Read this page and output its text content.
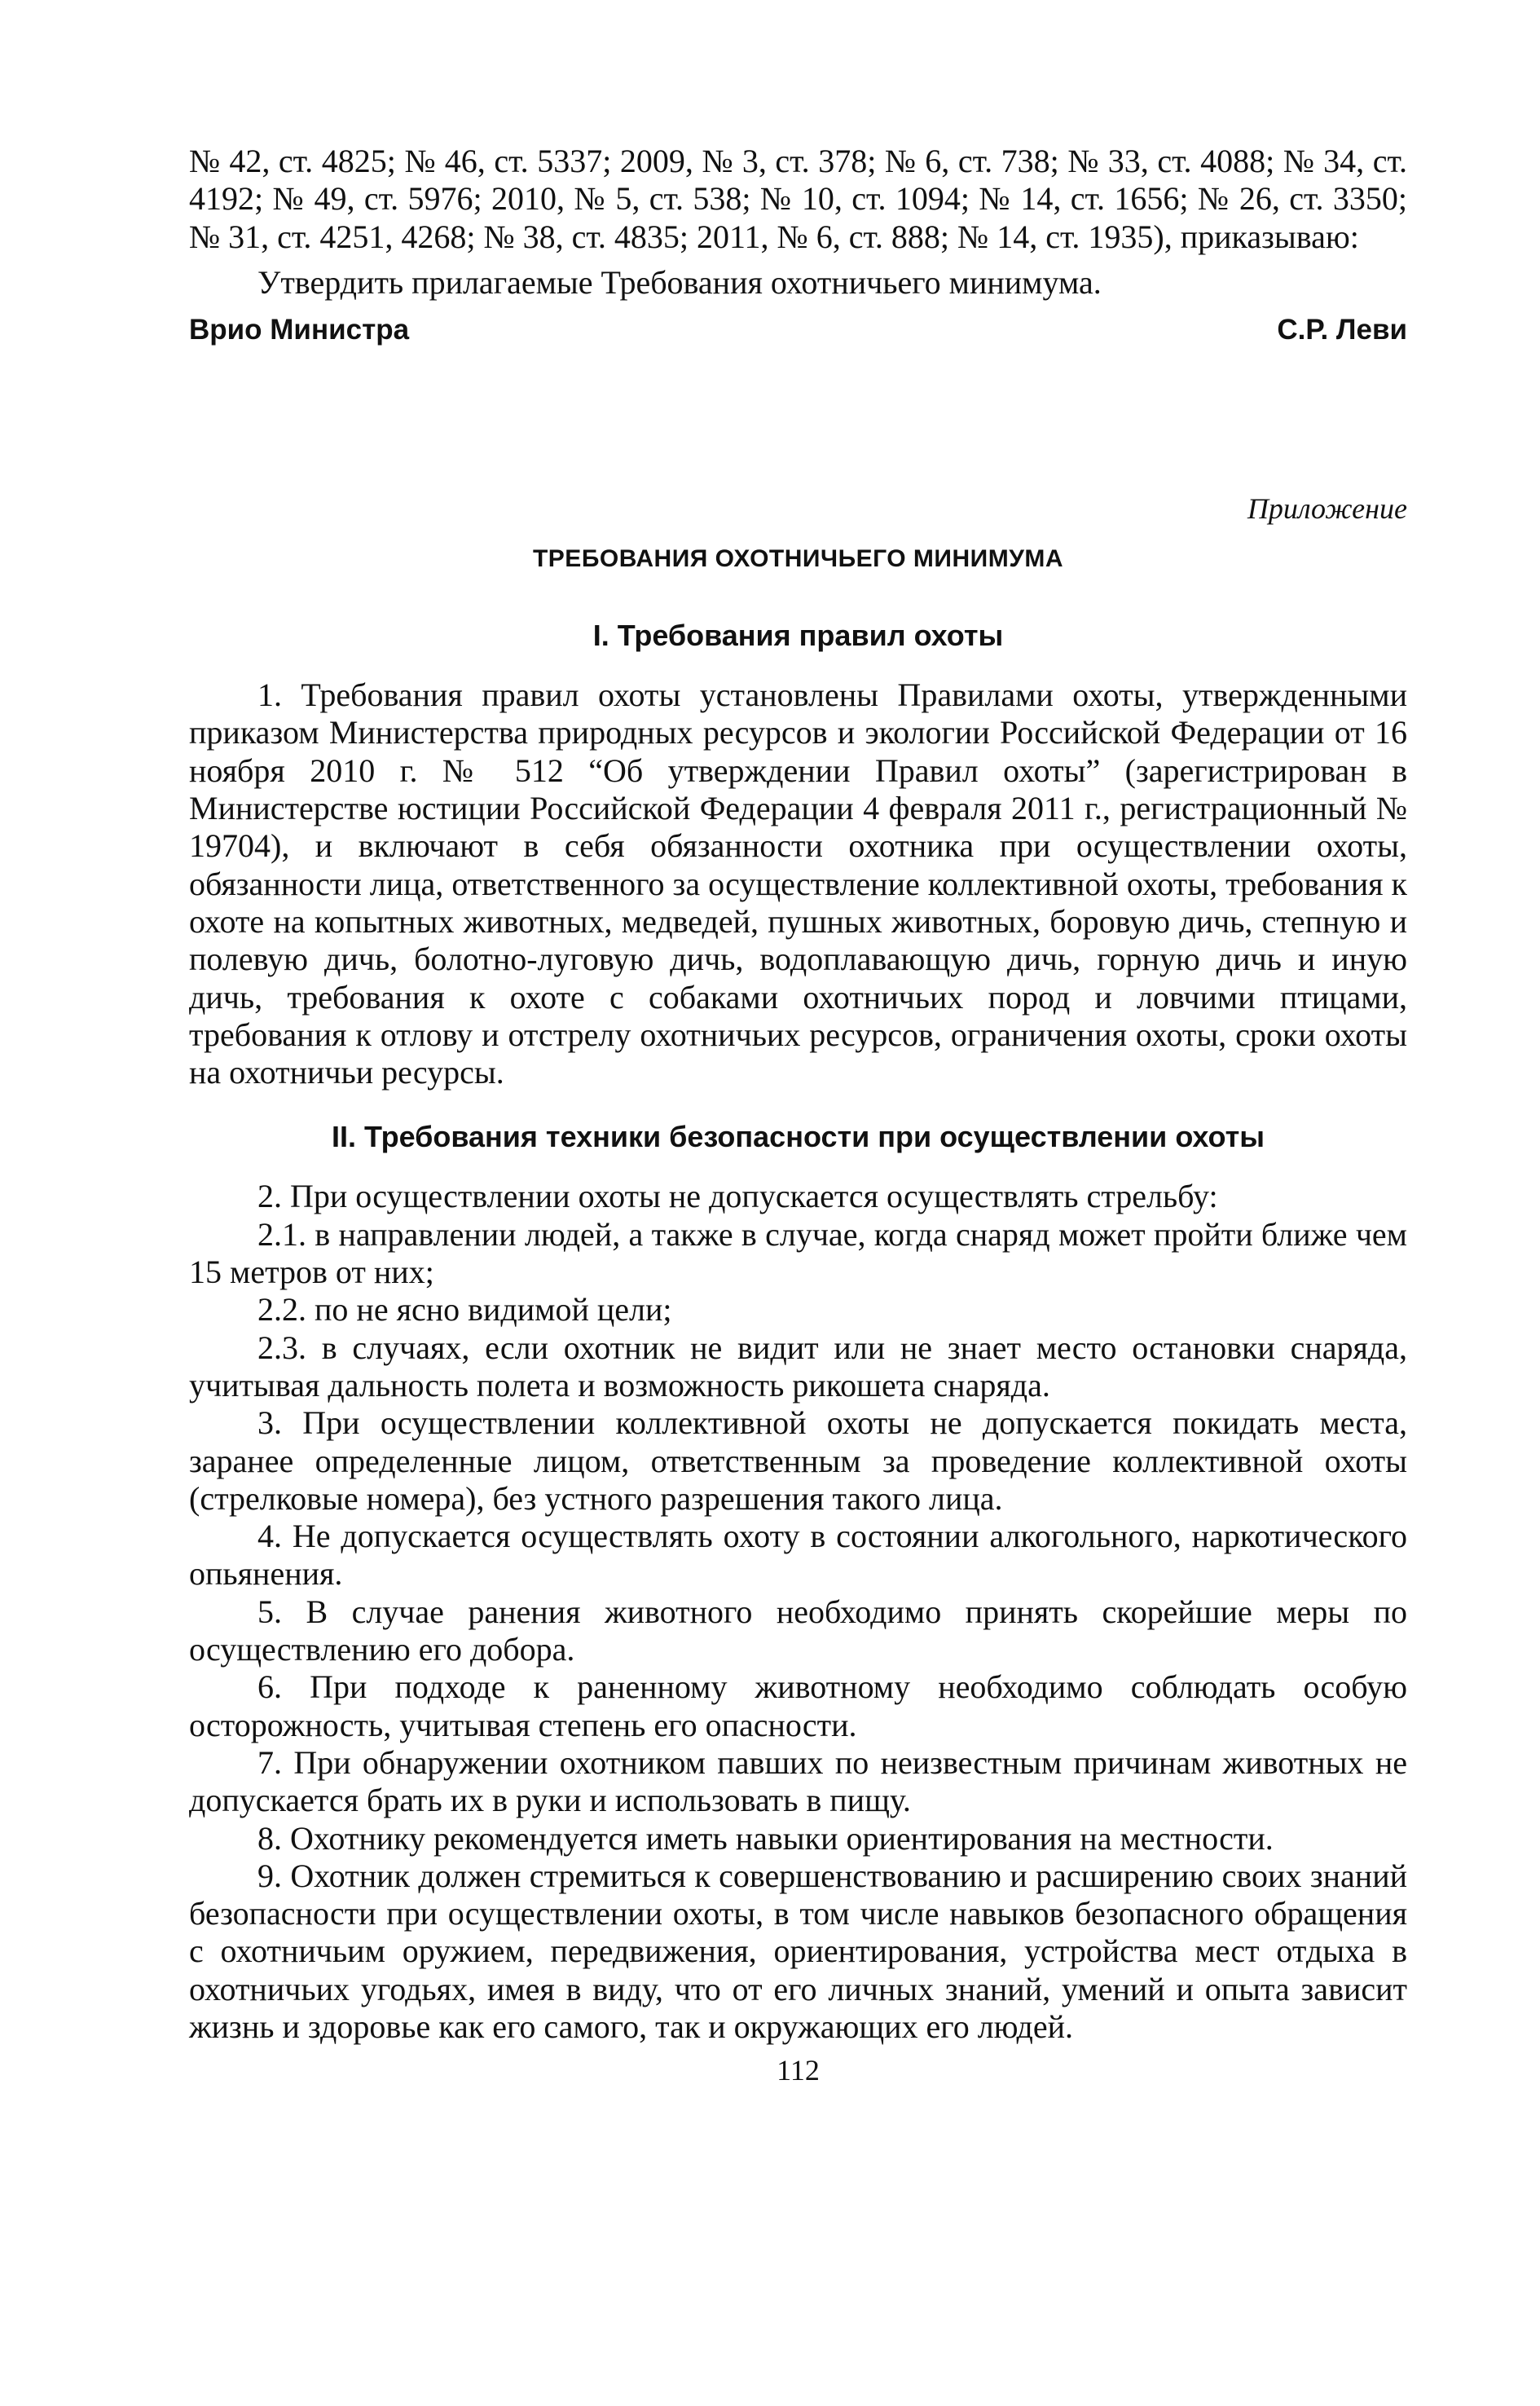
№ 42, ст. 4825; № 46, ст. 5337; 2009, № 3, ст. 378; № 6, ст. 738; № 33, ст. 4088; № 34, ст. 4192; № 49, ст. 5976; 2010, № 5, ст. 538; № 10, ст. 1094; № 14, ст. 1656; № 26, ст. 3350; № 31, ст. 4251, 4268; № 38, ст. 4835; 2011, № 6, ст. 888; № 14, ст. 1935), приказываю:

Утвердить прилагаемые Требования охотничьего минимума.

Врио Министра	С.Р. Леви
Приложение
ТРЕБОВАНИЯ ОХОТНИЧЬЕГО МИНИМУМА
I. Требования правил охоты

1. Требования правил охоты установлены Правилами охоты, утвержденными приказом Министерства природных ресурсов и экологии Российской Федерации от 16 ноября 2010 г. № 512 “Об утверждении Правил охоты” (зарегистрирован в Министерстве юстиции Российской Федерации 4 февраля 2011 г., регистрационный № 19704), и включают в себя обязанности охотника при осуществлении охоты, обязанности лица, ответственного за осуществление коллективной охоты, требования к охоте на копытных животных, медведей, пушных животных, боровую дичь, степную и полевую дичь, болотно-луговую дичь, водоплавающую дичь, горную дичь и иную дичь, требования к охоте с собаками охотничьих пород и ловчими птицами, требования к отлову и отстрелу охотничьих ресурсов, ограничения охоты, сроки охоты на охотничьи ресурсы.

II. Требования техники безопасности при осуществлении охоты

2. При осуществлении охоты не допускается осуществлять стрельбу:

2.1. в направлении людей, а также в случае, когда снаряд может пройти ближе чем 15 метров от них;

2.2. по не ясно видимой цели;

2.3. в случаях, если охотник не видит или не знает место остановки снаряда, учитывая дальность полета и возможность рикошета снаряда.

3. При осуществлении коллективной охоты не допускается покидать места, заранее определенные лицом, ответственным за проведение коллективной охоты (стрелковые номера), без устного разрешения такого лица.

4. Не допускается осуществлять охоту в состоянии алкогольного, наркотического опьянения.

5. В случае ранения животного необходимо принять скорейшие меры по осуществлению его добора.

6. При подходе к раненному животному необходимо соблюдать особую осторожность, учитывая степень его опасности.

7. При обнаружении охотником павших по неизвестным причинам животных не допускается брать их в руки и использовать в пищу.

8. Охотнику рекомендуется иметь навыки ориентирования на местности.

9. Охотник должен стремиться к совершенствованию и расширению своих знаний безопасности при осуществлении охоты, в том числе навыков безопасного обращения с охотничьим оружием, передвижения, ориентирования, устройства мест отдыха в охотничьих угодьях, имея в виду, что от его личных знаний, умений и опыта зависит жизнь и здоровье как его самого, так и окружающих его людей.

112
